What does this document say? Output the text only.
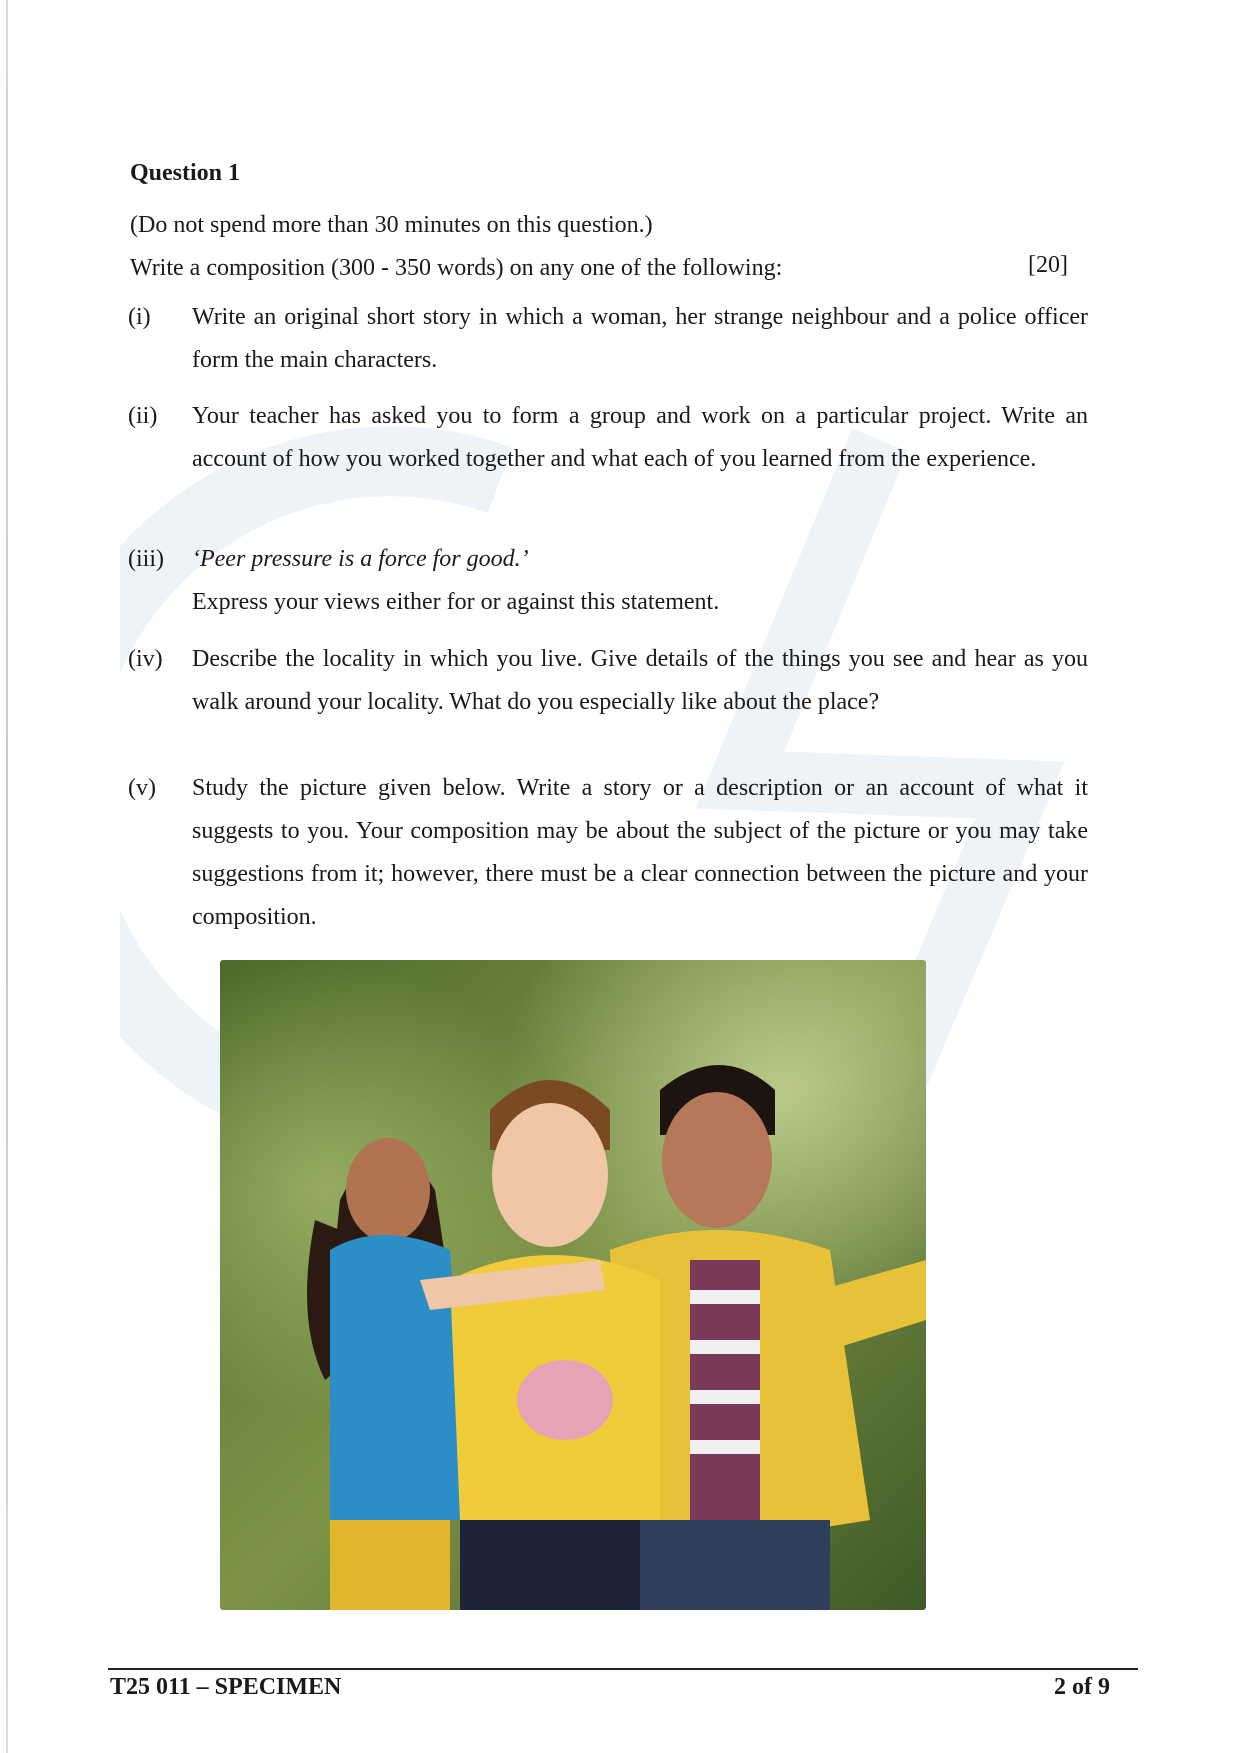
Question 1
(Do not spend more than 30 minutes on this question.)
Write a composition (300 - 350 words) on any one of the following:	[20]
(i) Write an original short story in which a woman, her strange neighbour and a police officer form the main characters.
(ii) Your teacher has asked you to form a group and work on a particular project. Write an account of how you worked together and what each of you learned from the experience.
(iii) ‘Peer pressure is a force for good.’
Express your views either for or against this statement.
(iv) Describe the locality in which you live. Give details of the things you see and hear as you walk around your locality. What do you especially like about the place?
(v) Study the picture given below. Write a story or a description or an account of what it suggests to you. Your composition may be about the subject of the picture or you may take suggestions from it; however, there must be a clear connection between the picture and your composition.
T25 011 – SPECIMEN	2 of 9
